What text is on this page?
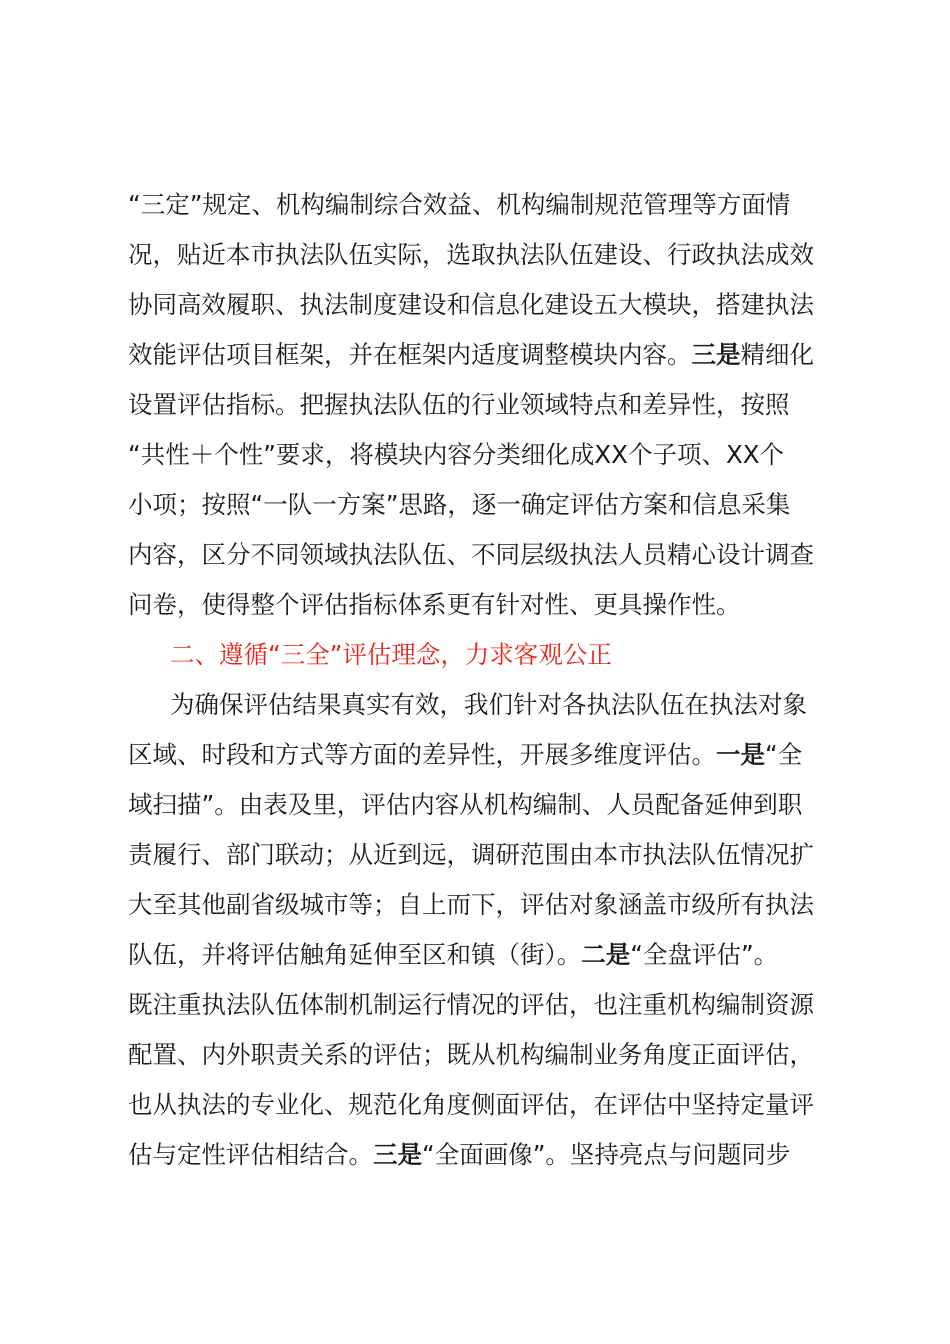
“三定”规定、机构编制综合效益、机构编制规范管理等方面情
况，贴近本市执法队伍实际，选取执法队伍建设、行政执法成效
协同高效履职、执法制度建设和信息化建设五大模块，搭建执法
效能评估项目框架，并在框架内适度调整模块内容。三是精细化
设置评估指标。把握执法队伍的行业领域特点和差异性，按照
“共性＋个性”要求，将模块内容分类细化成XX个子项、XX个
小项；按照“一队一方案”思路，逐一确定评估方案和信息采集
内容，区分不同领域执法队伍、不同层级执法人员精心设计调查
问卷，使得整个评估指标体系更有针对性、更具操作性。
二、遵循“三全”评估理念，力求客观公正
为确保评估结果真实有效，我们针对各执法队伍在执法对象
区域、时段和方式等方面的差异性，开展多维度评估。一是“全
域扫描”。由表及里，评估内容从机构编制、人员配备延伸到职
责履行、部门联动；从近到远，调研范围由本市执法队伍情况扩
大至其他副省级城市等；自上而下，评估对象涵盖市级所有执法
队伍，并将评估触角延伸至区和镇（街）。二是“全盘评估”。
既注重执法队伍体制机制运行情况的评估，也注重机构编制资源
配置、内外职责关系的评估；既从机构编制业务角度正面评估，
也从执法的专业化、规范化角度侧面评估，在评估中坚持定量评
估与定性评估相结合。三是“全面画像”。坚持亮点与问题同步
